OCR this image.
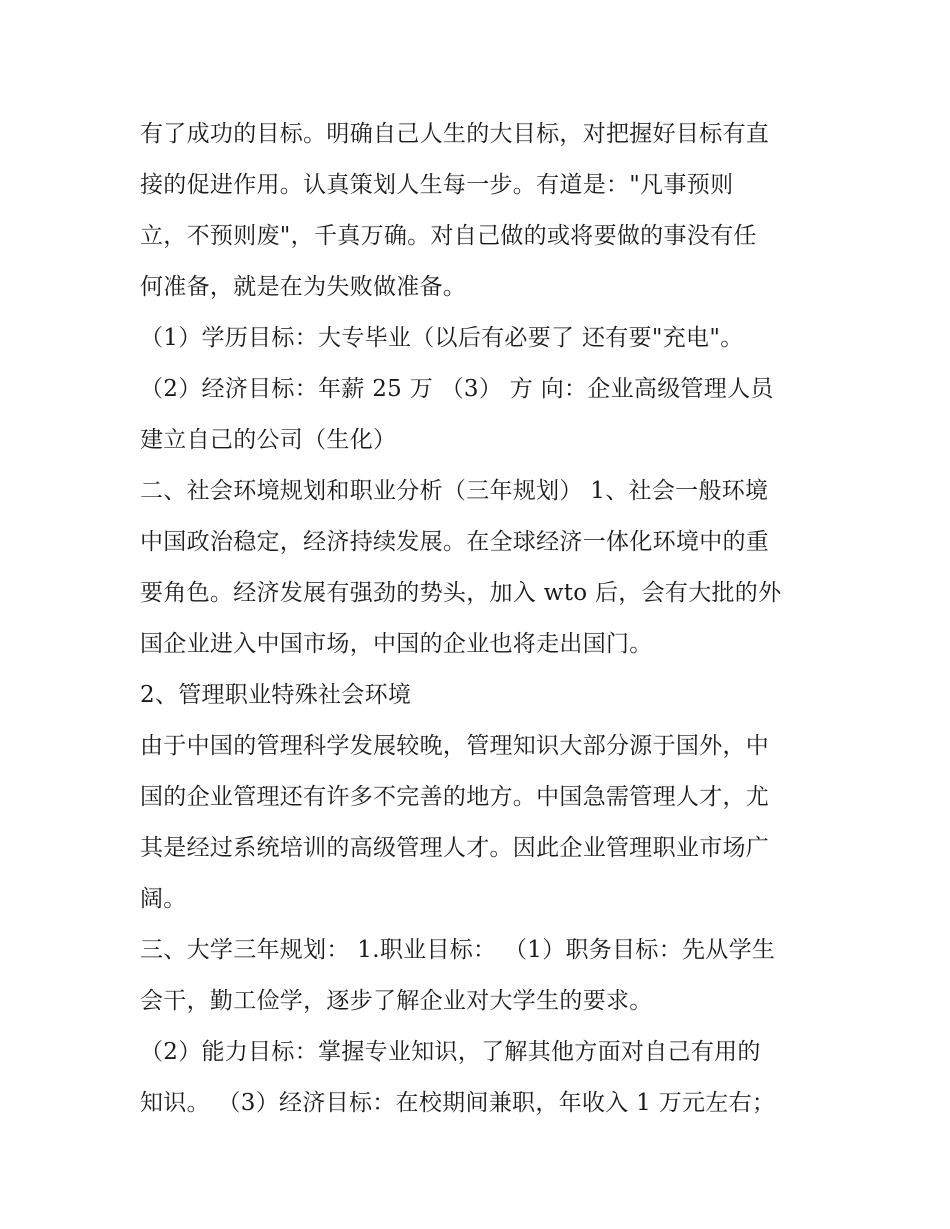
有了成功的目标。明确自己人生的大目标，对把握好目标有直
接的促进作用。认真策划人生每一步。有道是："凡事预则
立，不预则废"，千真万确。对自己做的或将要做的事没有任
何准备，就是在为失败做准备。
（1）学历目标：大专毕业（以后有必要了 还有要"充电"。
（2）经济目标：年薪 25 万 （3） 方 向：企业高级管理人员
建立自己的公司（生化）
二、社会环境规划和职业分析（三年规划） 1、社会一般环境
中国政治稳定，经济持续发展。在全球经济一体化环境中的重
要角色。经济发展有强劲的势头，加入 wto 后，会有大批的外
国企业进入中国市场，中国的企业也将走出国门。
2、管理职业特殊社会环境
由于中国的管理科学发展较晚，管理知识大部分源于国外，中
国的企业管理还有许多不完善的地方。中国急需管理人才，尤
其是经过系统培训的高级管理人才。因此企业管理职业市场广
阔。
三、大学三年规划： 1.职业目标： （1）职务目标：先从学生
会干，勤工俭学，逐步了解企业对大学生的要求。
（2）能力目标：掌握专业知识，了解其他方面对自己有用的
知识。 （3）经济目标：在校期间兼职，年收入 1 万元左右；
